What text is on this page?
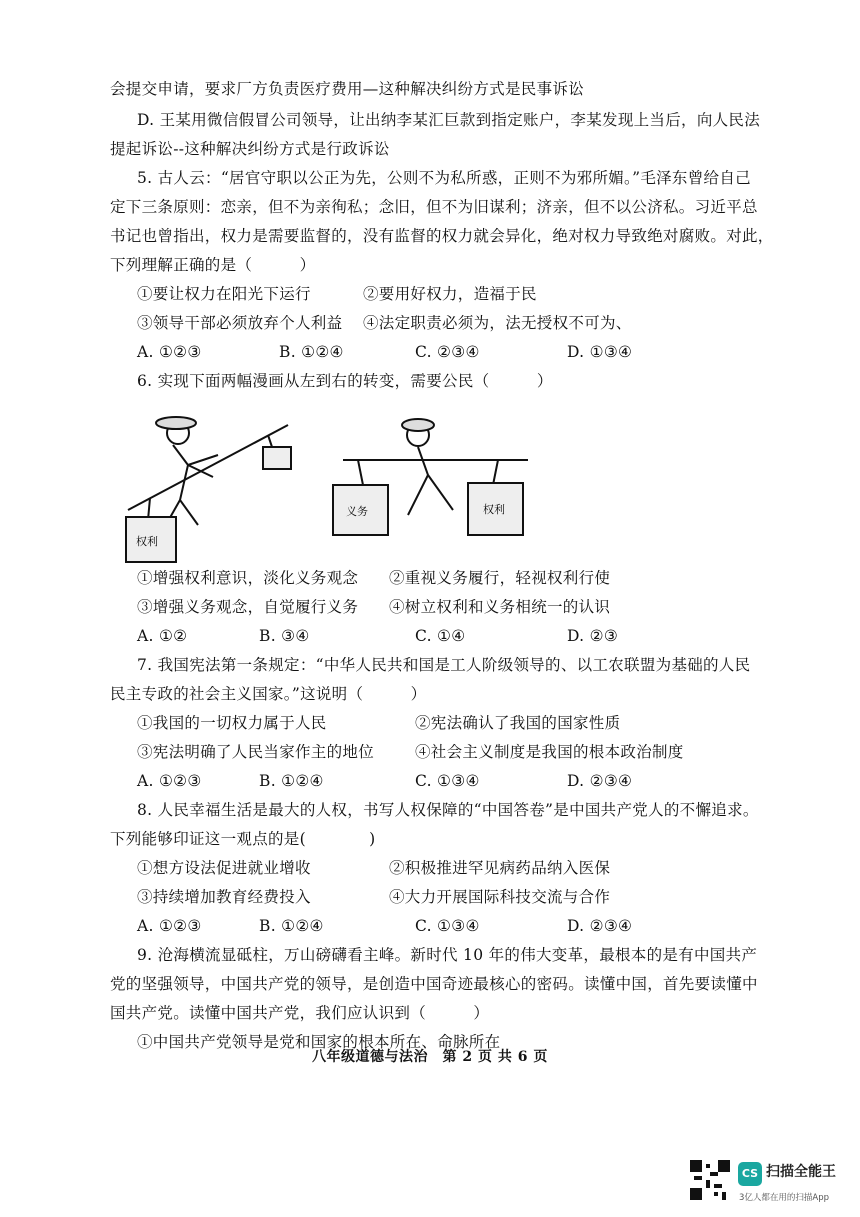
会提交申请，要求厂方负责医疗费用—这种解决纠纷方式是民事诉讼
D. 王某用微信假冒公司领导，让出纳李某汇巨款到指定账户，李某发现上当后，向人民法
提起诉讼--这种解决纠纷方式是行政诉讼
5. 古人云：“居官守职以公正为先，公则不为私所惑，正则不为邪所媚。”毛泽东曾给自己
定下三条原则：恋亲，但不为亲徇私；念旧，但不为旧谋利；济亲，但不以公济私。习近平总
书记也曾指出，权力是需要监督的，没有监督的权力就会异化，绝对权力导致绝对腐败。对此，
下列理解正确的是（　　　）
①要让权力在阳光下运行	②要用好权力，造福于民
③领导干部必须放弃个人利益 ④法定职责必须为，法无授权不可为、
A. ①②③	B. ①②④	C. ②③④	D. ①③④
6. 实现下面两幅漫画从左到右的转变，需要公民（　　　）
①增强权利意识，淡化义务观念 ②重视义务履行，轻视权利行使
③增强义务观念，自觉履行义务 ④树立权利和义务相统一的认识
A. ①②	B. ③④	C. ①④	D. ②③
7. 我国宪法第一条规定：“中华人民共和国是工人阶级领导的、以工农联盟为基础的人民
民主专政的社会主义国家。”这说明（　　　）
①我国的一切权力属于人民	②宪法确认了我国的国家性质
③宪法明确了人民当家作主的地位	④社会主义制度是我国的根本政治制度
A. ①②③	B. ①②④	C. ①③④	D. ②③④
8. 人民幸福生活是最大的人权，书写人权保障的“中国答卷”是中国共产党人的不懈追求。
下列能够印证这一观点的是(　　　　)
①想方设法促进就业增收	②积极推进罕见病药品纳入医保
③持续增加教育经费投入	④大力开展国际科技交流与合作
A. ①②③	B. ①②④	C. ①③④	D. ②③④
9. 沧海横流显砥柱，万山磅礴看主峰。新时代 10 年的伟大变革，最根本的是有中国共产
党的坚强领导，中国共产党的领导，是创造中国奇迹最核心的密码。读懂中国，首先要读懂中
国共产党。读懂中国共产党，我们应认识到（　　　）
①中国共产党领导是党和国家的根本所在、命脉所在
权利
义务	权利
八年级道德与法治　第 2 页 共 6 页
CS 扫描全能王
3亿人都在用的扫描App
